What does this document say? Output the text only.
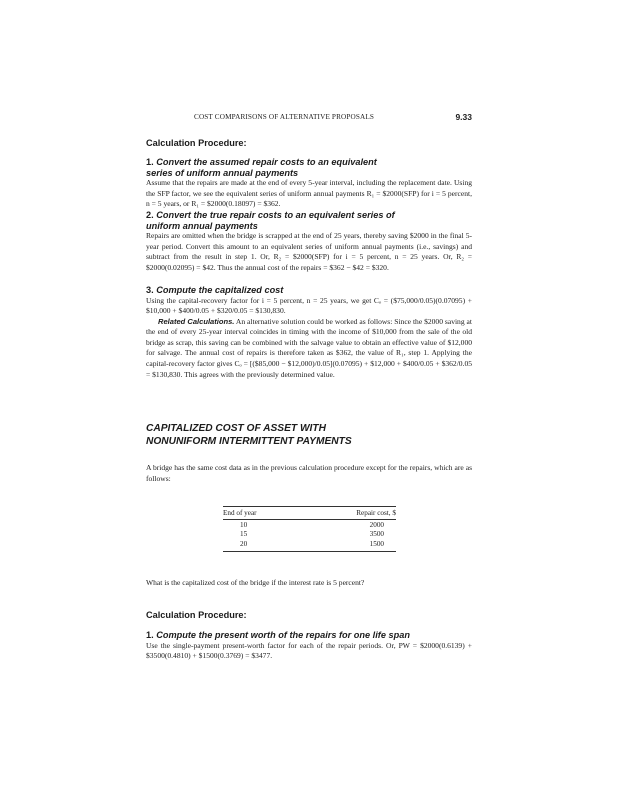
COST COMPARISONS OF ALTERNATIVE PROPOSALS	9.33
Calculation Procedure:
1. Convert the assumed repair costs to an equivalent
series of uniform annual payments

Assume that the repairs are made at the end of every 5-year interval, including the replacement date. Using the SFP factor, we see the equivalent series of uniform annual payments R₁ = $2000(SFP) for i = 5 percent, n = 5 years, or R₁ = $2000(0.18097) = $362.

2. Convert the true repair costs to an equivalent series of
uniform annual payments

Repairs are omitted when the bridge is scrapped at the end of 25 years, thereby saving $2000 in the final 5-year period. Convert this amount to an equivalent series of uniform annual payments (i.e., savings) and subtract from the result in step 1. Or, R₂ = $2000(SFP) for i = 5 percent, n = 25 years. Or, R₂ = $2000(0.02095) = $42. Thus the annual cost of the repairs = $362 − $42 = $320.

3. Compute the capitalized cost

Using the capital-recovery factor for i = 5 percent, n = 25 years, we get Cₒ = ($75,000/0.05)(0.07095) + $10,000 + $400/0.05 + $320/0.05 = $130,830.

Related Calculations. An alternative solution could be worked as follows: Since the $2000 saving at the end of every 25-year interval coincides in timing with the income of $10,000 from the sale of the old bridge as scrap, this saving can be combined with the salvage value to obtain an effective value of $12,000 for salvage. The annual cost of repairs is therefore taken as $362, the value of R₁, step 1. Applying the capital-recovery factor gives Cₒ = [($85,000 − $12,000)/0.05](0.07095) + $12,000 + $400/0.05 + $362/0.05 = $130,830. This agrees with the previously determined value.

CAPITALIZED COST OF ASSET WITH
NONUNIFORM INTERMITTENT PAYMENTS

A bridge has the same cost data as in the previous calculation procedure except for the repairs, which are as follows:

End of year	Repair cost, $
10	2000
15	3500
20	1500

What is the capitalized cost of the bridge if the interest rate is 5 percent?

Calculation Procedure:
1. Compute the present worth of the repairs for one life span

Use the single-payment present-worth factor for each of the repair periods. Or, PW = $2000(0.6139) + $3500(0.4810) + $1500(0.3769) = $3477.
